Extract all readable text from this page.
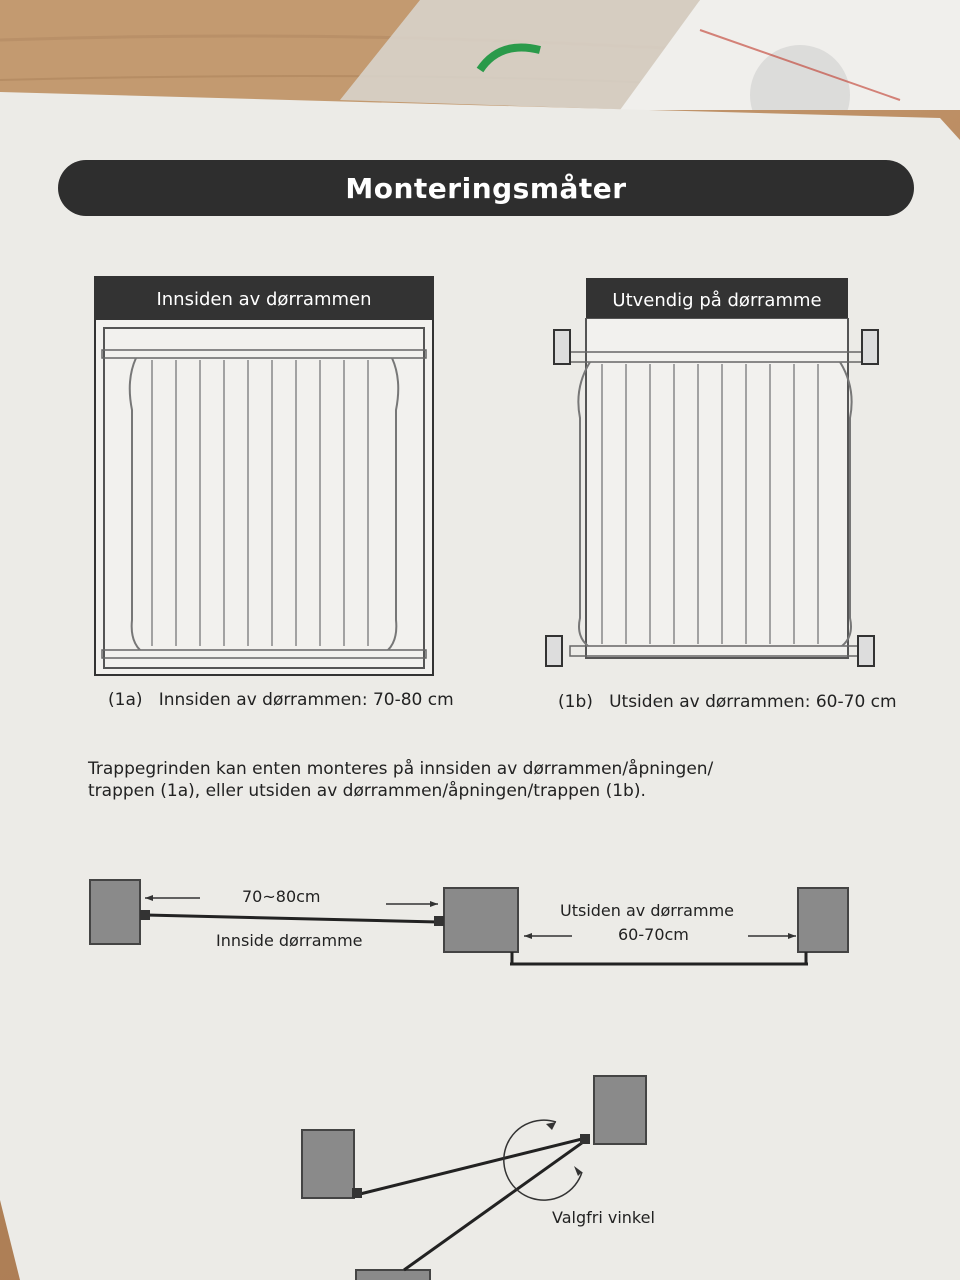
Monteringsmåter
Innsiden av dørrammen
(1a) Innsiden av dørrammen: 70-80 cm
Utvendig på dørramme
(1b) Utsiden av dørrammen: 60-70 cm
Trappegrinden kan enten monteres på innsiden av dørrammen/åpningen/
trappen (1a), eller utsiden av dørrammen/åpningen/trappen (1b).
70~80cm
Innside dørramme
Utsiden av dørramme
60-70cm
Valgfri vinkel
